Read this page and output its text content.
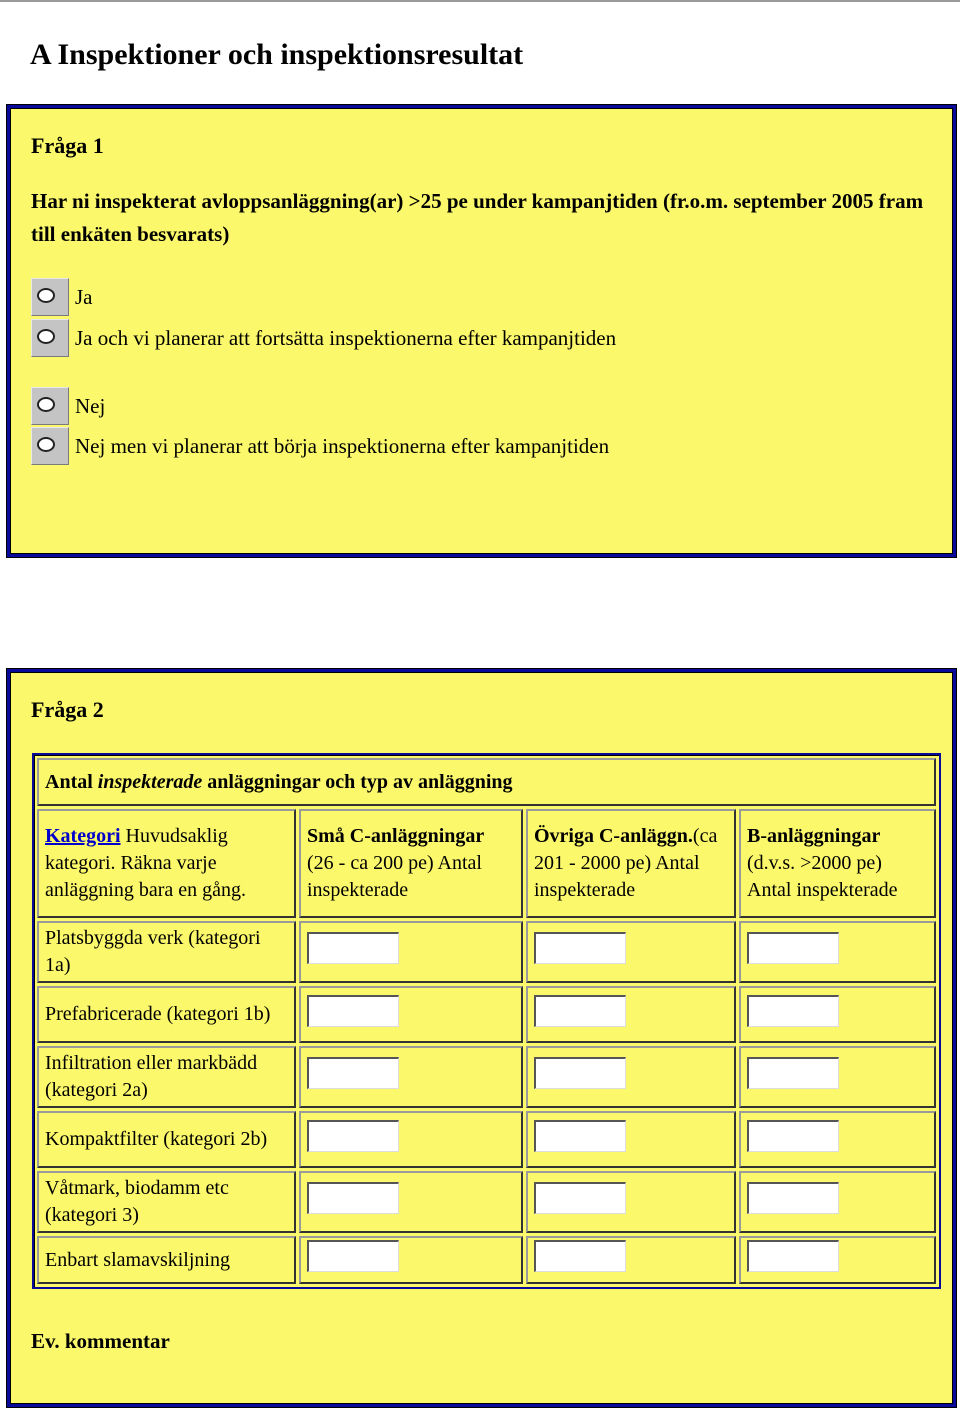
A Inspektioner och inspektionsresultat
Fråga 1
Har ni inspekterat avloppsanläggning(ar) >25 pe under kampanjtiden (fr.o.m. september 2005 fram till enkäten besvarats)
Ja
Ja och vi planerar att fortsätta inspektionerna efter kampanjtiden
Nej
Nej men vi planerar att börja inspektionerna efter kampanjtiden
Fråga 2
Antal inspekterade anläggningar och typ av anläggning			
Kategori Huvudsaklig kategori. Räkna varje anläggning bara en gång.	Små C-anläggningar (26 - ca 200 pe) Antal inspekterade	Övriga C-anläggn.(ca 201 - 2000 pe) Antal inspekterade	B-anläggningar (d.v.s. >2000 pe) Antal inspekterade
Platsbyggda verk (kategori 1a)			
Prefabricerade (kategori 1b)			
Infiltration eller markbädd (kategori 2a)			
Kompaktfilter (kategori 2b)			
Våtmark, biodamm etc (kategori 3)			
Enbart slamavskiljning			
Ev. kommentar
